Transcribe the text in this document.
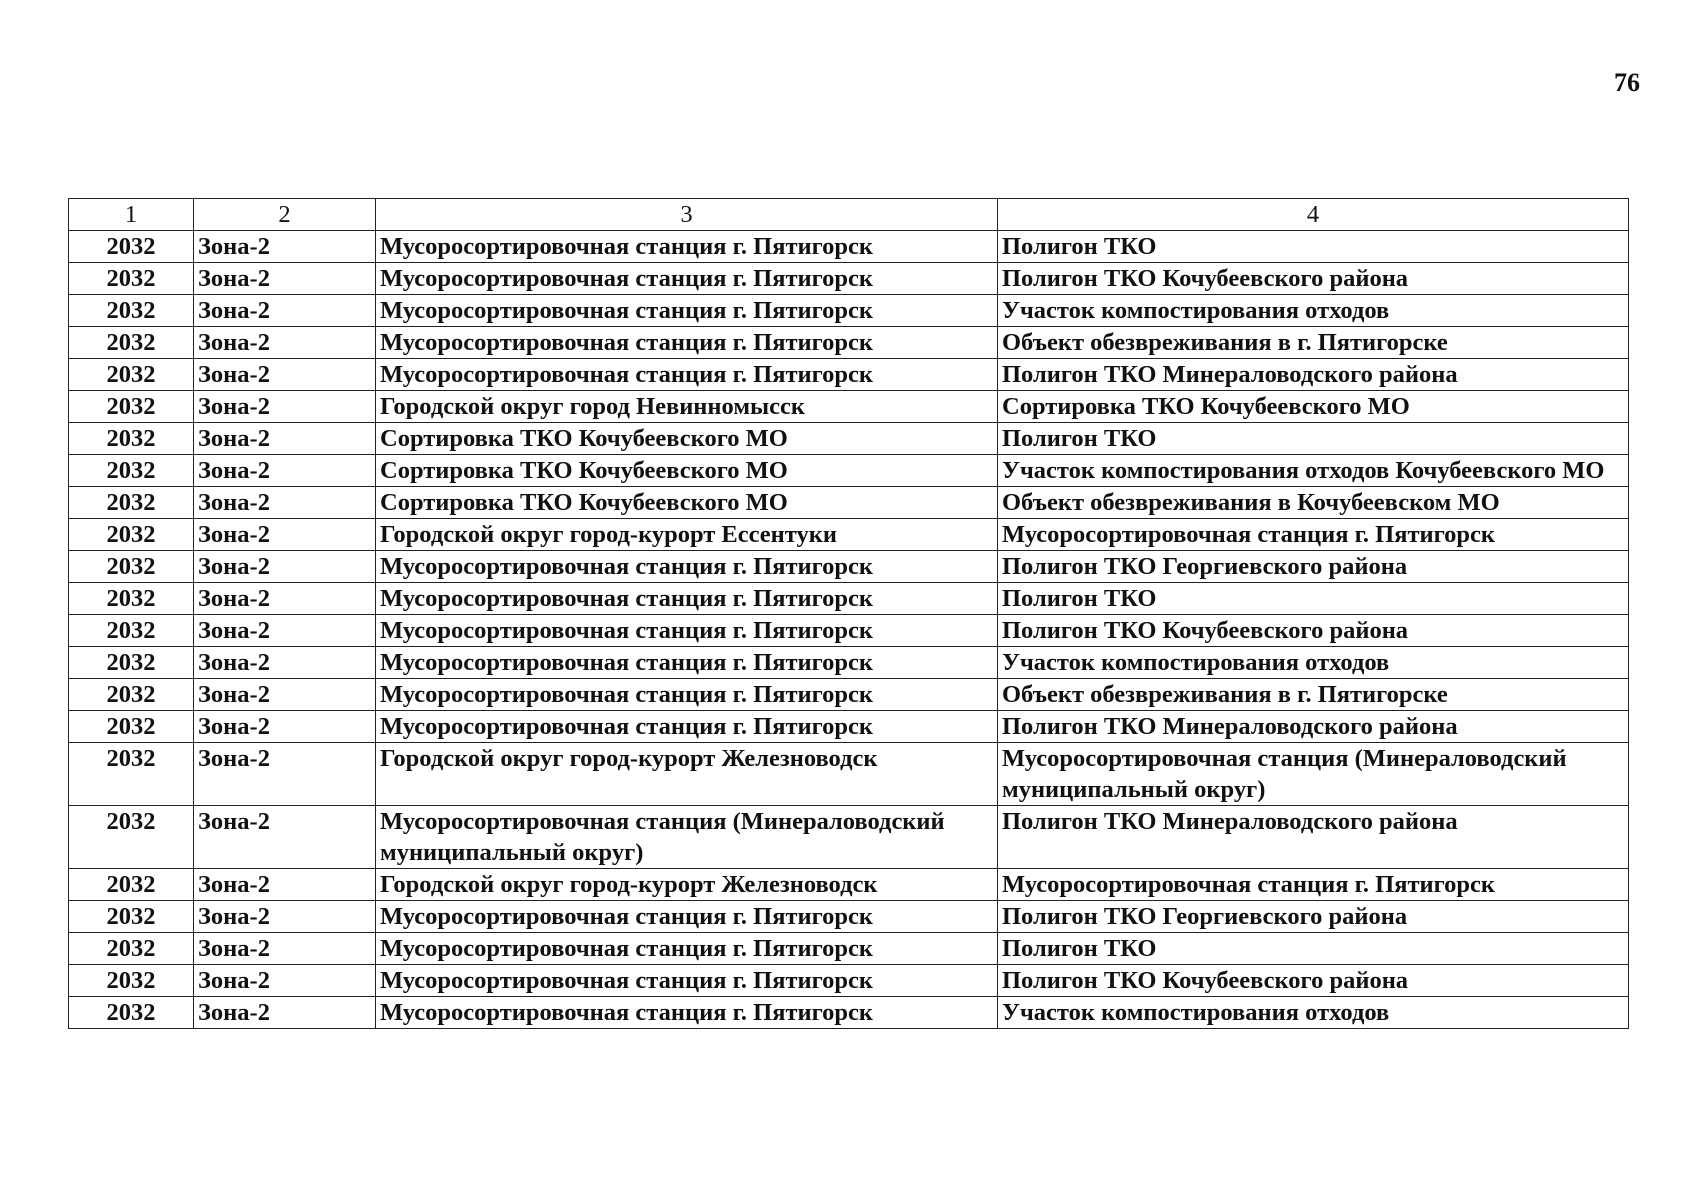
76
1	2	3	4
2032	Зона-2	Мусоросортировочная станция г. Пятигорск	Полигон ТКО
2032	Зона-2	Мусоросортировочная станция г. Пятигорск	Полигон ТКО Кочубеевского района
2032	Зона-2	Мусоросортировочная станция г. Пятигорск	Участок компостирования отходов
2032	Зона-2	Мусоросортировочная станция г. Пятигорск	Объект обезвреживания в г. Пятигорске
2032	Зона-2	Мусоросортировочная станция г. Пятигорск	Полигон ТКО Минераловодского района
2032	Зона-2	Городской округ город Невинномысск	Сортировка ТКО Кочубеевского МО
2032	Зона-2	Сортировка ТКО Кочубеевского МО	Полигон ТКО
2032	Зона-2	Сортировка ТКО Кочубеевского МО	Участок компостирования отходов Кочубеевского МО
2032	Зона-2	Сортировка ТКО Кочубеевского МО	Объект обезвреживания в Кочубеевском МО
2032	Зона-2	Городской округ город-курорт Ессентуки	Мусоросортировочная станция г. Пятигорск
2032	Зона-2	Мусоросортировочная станция г. Пятигорск	Полигон ТКО Георгиевского района
2032	Зона-2	Мусоросортировочная станция г. Пятигорск	Полигон ТКО
2032	Зона-2	Мусоросортировочная станция г. Пятигорск	Полигон ТКО Кочубеевского района
2032	Зона-2	Мусоросортировочная станция г. Пятигорск	Участок компостирования отходов
2032	Зона-2	Мусоросортировочная станция г. Пятигорск	Объект обезвреживания в г. Пятигорске
2032	Зона-2	Мусоросортировочная станция г. Пятигорск	Полигон ТКО Минераловодского района
2032	Зона-2	Городской округ город-курорт Железноводск	Мусоросортировочная станция (Минераловодский муниципальный округ)
2032	Зона-2	Мусоросортировочная станция (Минераловодский муниципальный округ)	Полигон ТКО Минераловодского района
2032	Зона-2	Городской округ город-курорт Железноводск	Мусоросортировочная станция г. Пятигорск
2032	Зона-2	Мусоросортировочная станция г. Пятигорск	Полигон ТКО Георгиевского района
2032	Зона-2	Мусоросортировочная станция г. Пятигорск	Полигон ТКО
2032	Зона-2	Мусоросортировочная станция г. Пятигорск	Полигон ТКО Кочубеевского района
2032	Зона-2	Мусоросортировочная станция г. Пятигорск	Участок компостирования отходов
